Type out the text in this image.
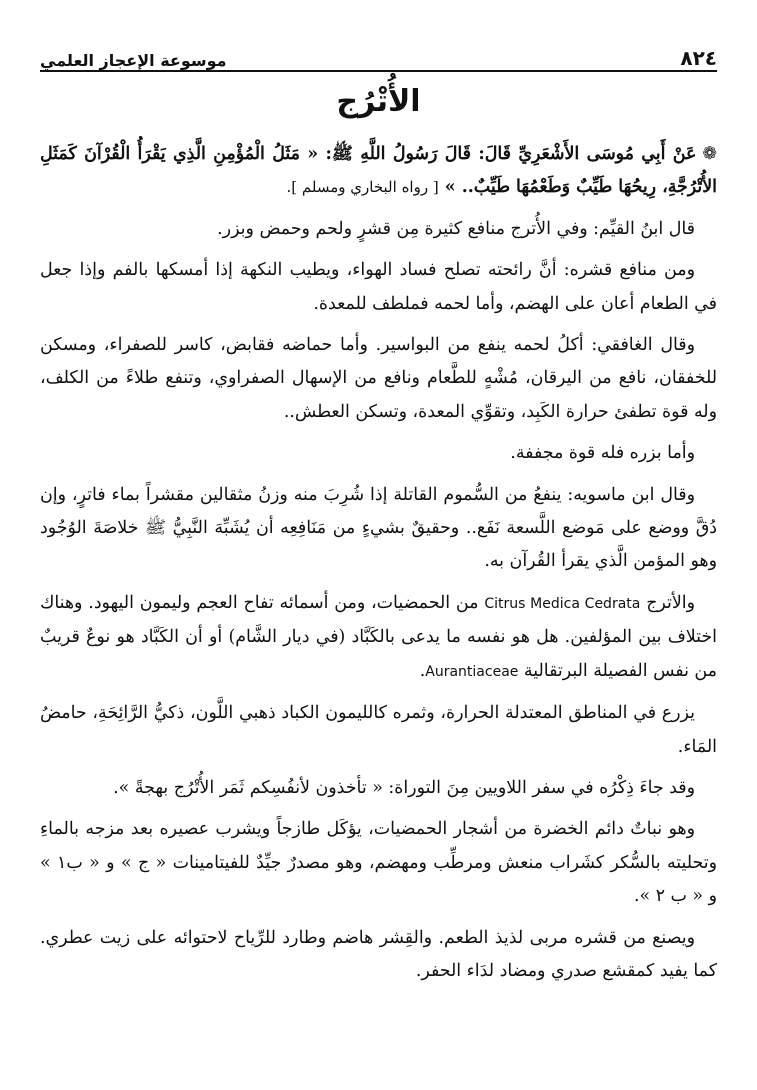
٨٢٤
موسوعة الإعجاز العلمي
الأُتْرُج

❁عَنْ أَبِي مُوسَى الأَشْعَرِيِّ قَالَ: قَالَ رَسُولُ اللَّهِ ﷺ: « مَثَلُ الْمُؤْمِنِ الَّذِي يَقْرَأُ الْقُرْآنَ كَمَثَلِ الأُتْرُجَّةِ، رِيحُهَا طَيِّبٌ وَطَعْمُهَا طَيِّبٌ.. » [ رواه البخاري ومسلم ].

قال ابنُ القيِّم: وفي الأُترج منافع كثيرة مِن قشرٍ ولحم وحمض وبزر.

ومن منافع قشره: أنَّ رائحته تصلح فساد الهواء، ويطيب النكهة إذا أمسكها بالفم وإذا جعل في الطعام أعان على الهضم، وأما لحمه فملطف للمعدة.

وقال الغافقي: أكلُ لحمه ينفع من البواسير. وأما حماضه فقابض، كاسر للصفراء، ومسكن للخفقان، نافع من اليرقان، مُشْهٍ للطَّعام ونافع من الإسهال الصفراوي، وتنفع طلاءً من الكلف، وله قوة تطفئ حرارة الكَبِد، وتقوِّي المعدة، وتسكن العطش..

وأما بزره فله قوة مجففة.

وقال ابن ماسويه: ينفعُ من السُّموم القاتلة إذا شُرِبَ منه وزنُ مثقالين مقشراً بماء فاترٍ، وإن دُقَّ ووضع على مَوضع اللَّسعة نَفَع.. وحقيقٌ بشيءٍ من مَنَافِعِه أن يُشَبِّهَ النَّبِيُّ ﷺ خلاصَةَ الوُجُود وهو المؤمن الَّذي يقرأ القُرآن به.

والأترج Citrus Medica Cedrata من الحمضيات، ومن أسمائه تفاح العجم وليمون اليهود. وهناك اختلاف بين المؤلفين. هل هو نفسه ما يدعى بالكَبَّاد (في ديار الشَّام) أو أن الكَبَّاد هو نوعٌ قريبٌ من نفس الفصيلة البرتقالية Aurantiaceae.

يزرع في المناطق المعتدلة الحرارة، وثمره كالليمون الكباد ذهبي اللَّون، ذكيُّ الرَّائِحَةِ، حامضُ المَاء.

وقد جاءَ ذِكْرُه في سفر اللاويين مِنَ التوراة: « تأخذون لأنفُسِكم ثَمَر الأُتْرُج بهجةً ».

وهو نباتٌ دائم الخضرة من أشجار الحمضيات، يؤكَل طازجاً ويشرب عصيره بعد مزجه بالماءِ وتحليته بالسُّكر كشَراب منعش ومرطِّب ومهضم، وهو مصدرٌ جيِّدٌ للفيتامينات « ج » و « ب١ » و « ب ٢ ».

ويصنع من قشره مربى لذيذ الطعم. والقِشر هاضم وطارد للرِّياح لاحتوائه على زيت عطري. كما يفيد كمقشع صدري ومضاد لدَاء الحفر.
